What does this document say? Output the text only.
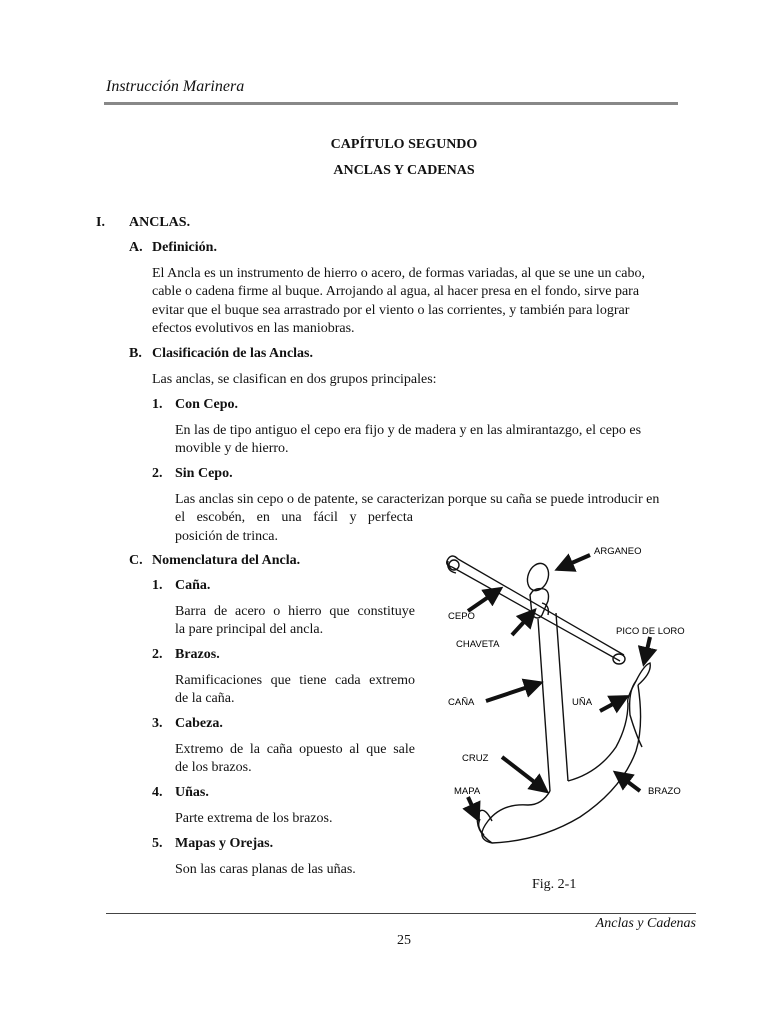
Instrucción Marinera
CAPÍTULO SEGUNDO
ANCLAS Y CADENAS
I. ANCLAS.
A. Definición.
El Ancla es un instrumento de hierro o acero, de formas variadas, al que se une un cabo,
cable o cadena firme al buque. Arrojando al agua, al hacer presa en el fondo, sirve para
evitar que el buque sea arrastrado por el viento o las corrientes, y también para lograr
efectos evolutivos en las maniobras.
B. Clasificación de las Anclas.
Las anclas, se clasifican en dos grupos principales:
1. Con Cepo.
En las de tipo antiguo el cepo era fijo y de madera y en las almirantazgo, el cepo es
movible y de hierro.
2. Sin Cepo.
Las anclas sin cepo o de patente, se caracterizan porque su caña se puede introducir en
el escobén, en una fácil y perfecta
posición de trinca.
C. Nomenclatura del Ancla.
1. Caña.
Barra de acero o hierro que constituye
la pare principal del ancla.
2. Brazos.
Ramificaciones que tiene cada extremo
de la caña.
3. Cabeza.
Extremo de la caña opuesto al que sale
de los brazos.
4. Uñas.
Parte extrema de los brazos.
5. Mapas y Orejas.
Son las caras planas de las uñas.
ARGANEO
CEPO
CHAVETA
PICO DE LORO
CAÑA	UÑA
CRUZ
MAPA	BRAZO
Fig. 2-1
Anclas y Cadenas
25
